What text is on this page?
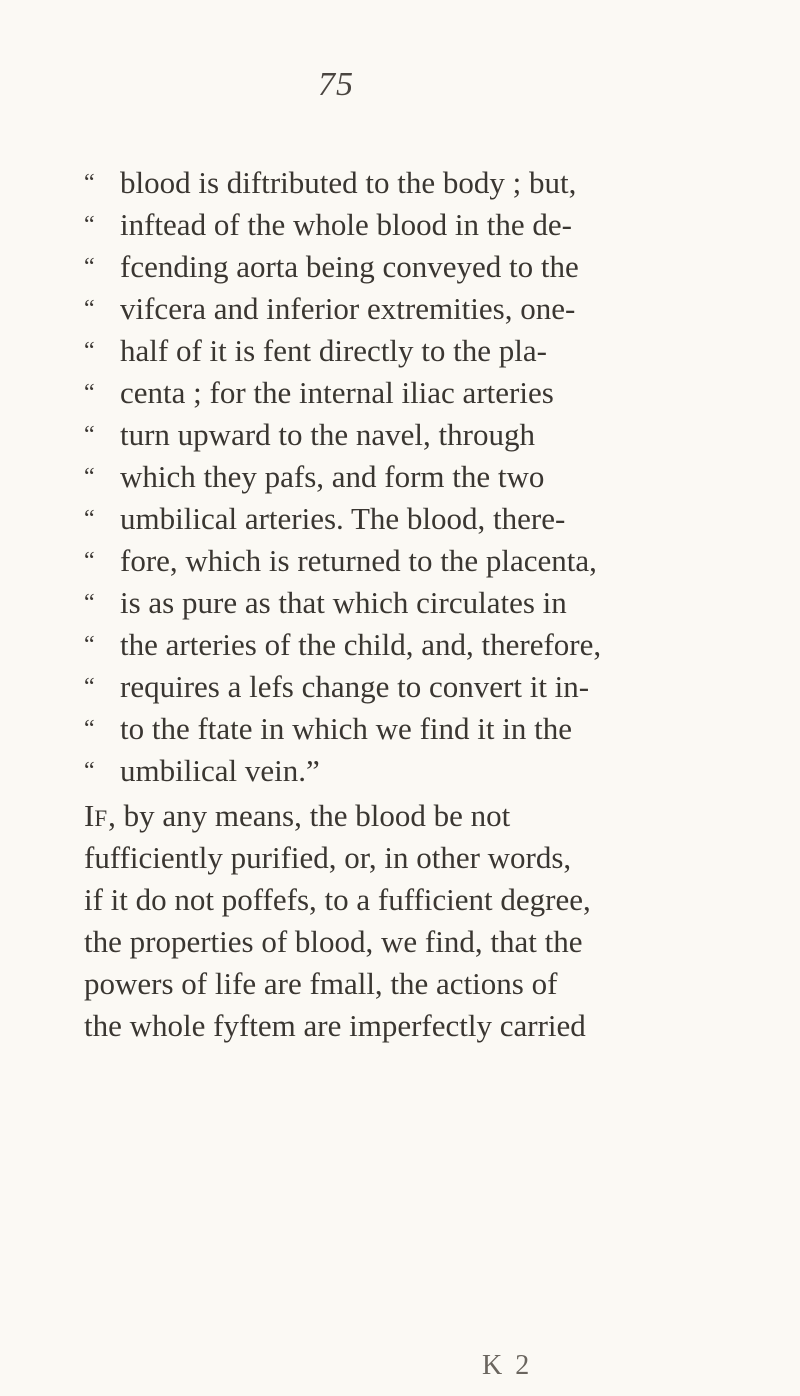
75
“ blood is diftributed to the body ; but,
“ inftead of the whole blood in the de-
“ fcending aorta being conveyed to the
“ vifcera and inferior extremities, one-
“ half of it is fent directly to the pla-
“ centa ; for the internal iliac arteries
“ turn upward to the navel, through
“ which they pafs, and form the two
“ umbilical arteries. The blood, there-
“ fore, which is returned to the placenta,
“ is as pure as that which circulates in
“ the arteries of the child, and, therefore,
“ requires a lefs change to convert it in-
“ to the ftate in which we find it in the
“ umbilical vein.”
IF, by any means, the blood be not
fufficiently purified, or, in other words,
if it do not poffefs, to a fufficient degree,
the properties of blood, we find, that the
powers of life are fmall, the actions of
the whole fyftem are imperfectly carried
K 2
